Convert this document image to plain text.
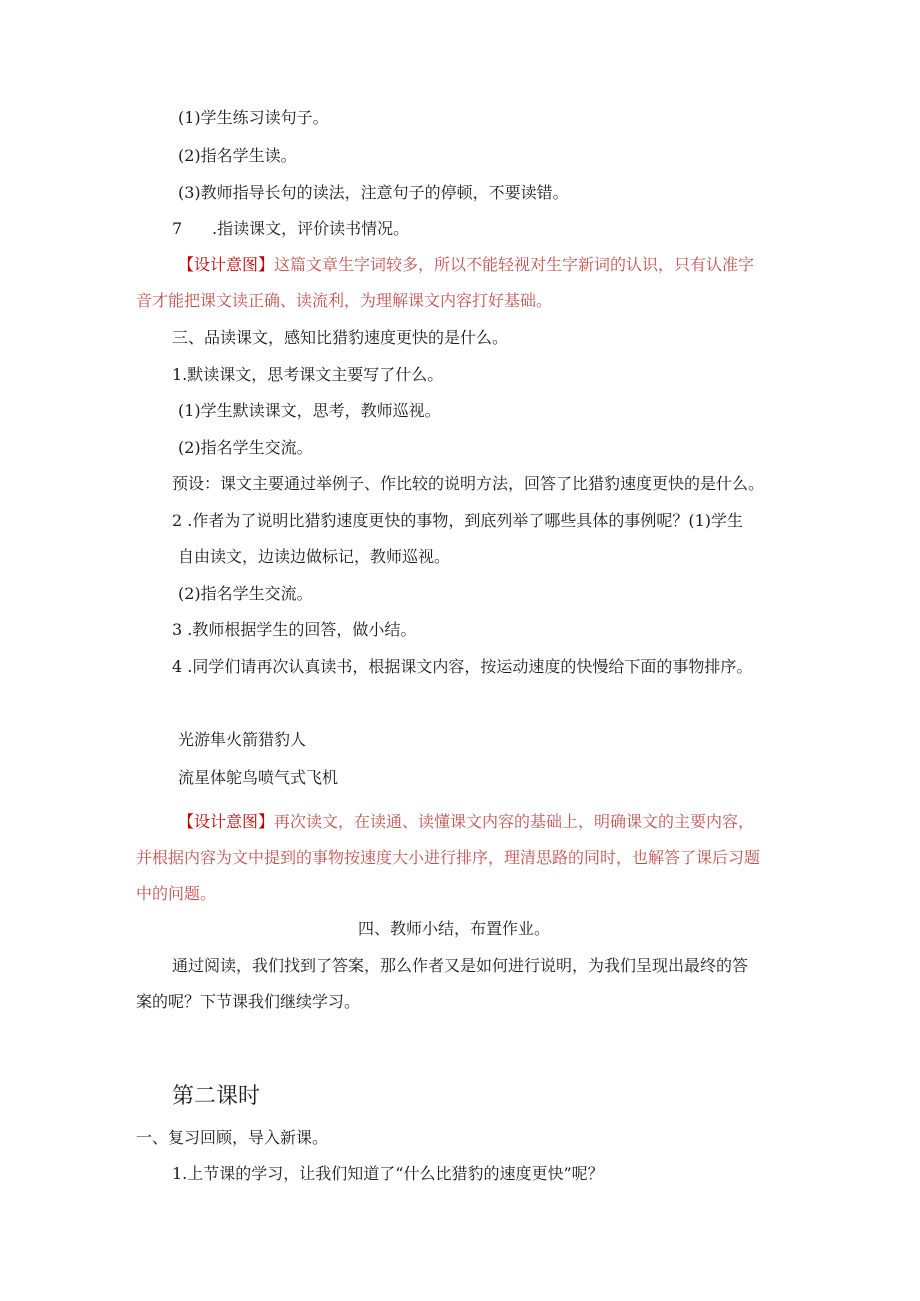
(1)学生练习读句子。
(2)指名学生读。
(3)教师指导长句的读法，注意句子的停顿，不要读错。
7 .指读课文，评价读书情况。
【设计意图】这篇文章生字词较多，所以不能轻视对生字新词的认识，只有认准字
音才能把课文读正确、读流利，为理解课文内容打好基础。
三、品读课文，感知比猎豹速度更快的是什么。
1.默读课文，思考课文主要写了什么。
(1)学生默读课文，思考，教师巡视。
(2)指名学生交流。
预设：课文主要通过举例子、作比较的说明方法，回答了比猎豹速度更快的是什么。
2 .作者为了说明比猎豹速度更快的事物，到底列举了哪些具体的事例呢？(1)学生
自由读文，边读边做标记，教师巡视。
(2)指名学生交流。
3 .教师根据学生的回答，做小结。
4 .同学们请再次认真读书，根据课文内容，按运动速度的快慢给下面的事物排序。
光游隼火箭猎豹人
流星体鸵鸟喷气式飞机
【设计意图】再次读文，在读通、读懂课文内容的基础上，明确课文的主要内容，
并根据内容为文中提到的事物按速度大小进行排序，理清思路的同时，也解答了课后习题
中的问题。
四、教师小结，布置作业。
通过阅读，我们找到了答案，那么作者又是如何进行说明，为我们呈现出最终的答
案的呢？下节课我们继续学习。
第二课时
一、复习回顾，导入新课。
1.上节课的学习，让我们知道了“什么比猎豹的速度更快”呢？
